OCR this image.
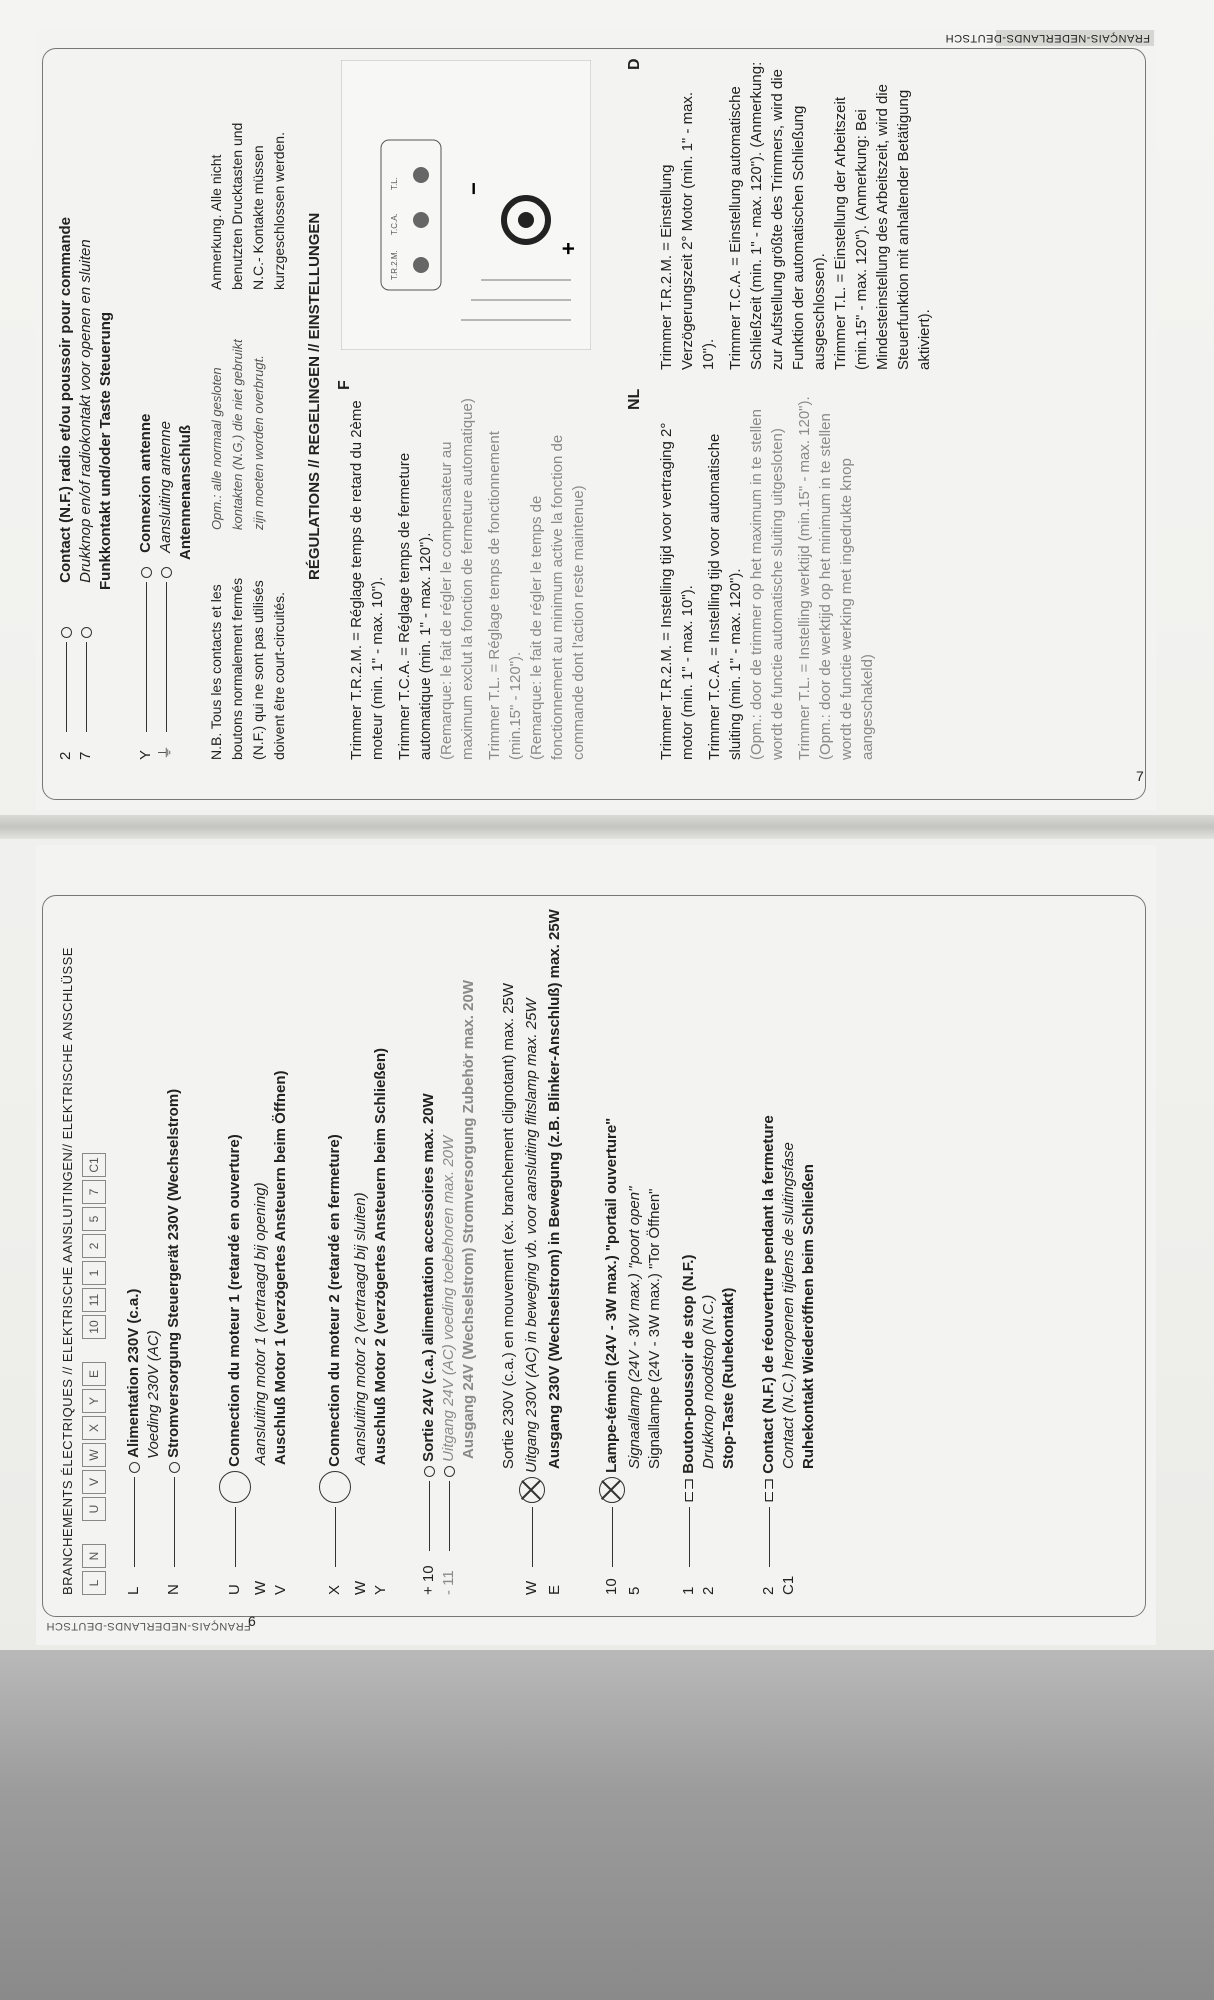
FRANÇAIS-NEDERLANDS-DEUTSCH
7
2 Contact (N.F.) radio et/ou poussoir pour commande
7 Drukknop en/of radiokontakt voor openen en sluiten Funkkontakt und/oder Taste Steuerung
Y Connexion antenne
⏚ Aansluiting antenne Antennenanschluß
N.B. Tous les contacts et les boutons normalement fermés (N.F.) qui ne sont pas utilisés doivent être court-circuités.
Opm.: alle normaal gesloten kontakten (N.G.) die niet gebruikt zijn moeten worden overbrugt.
Anmerkung. Alle nicht benutzten Drucktasten und N.C.- Kontakte müssen kurzgeschlossen werden.
RÉGULATIONS // REGELINGEN // EINSTELLUNGEN F
Trimmer T.R.2.M. = Réglage temps de retard du 2ème moteur (min. 1" - max. 10"). Trimmer T.C.A. = Réglage temps de fermeture automatique (min. 1" - max. 120"). (Remarque: le fait de régler le compensateur au maximum exclut la fonction de fermeture automatique) Trimmer T.L. = Réglage temps de fonctionnement (min.15" - 120"). (Remarque: le fait de régler le temps de fonctionnement au minimum active la fonction de commande dont l'action reste maintenue)
T.R.2.M.
T.C.A.
T.L.
+
−
NL
Trimmer T.R.2.M. = Instelling tijd voor vertraging 2° motor (min. 1" - max. 10"). Trimmer T.C.A. = Instelling tijd voor automatische sluiting (min. 1" - max. 120"). (Opm.: door de trimmer op het maximum in te stellen wordt de functie automatische sluiting uitgesloten) Trimmer T.L. = Instelling werktijd (min.15" - max. 120"). (Opm.: door de werktijd op het minimum in te stellen wordt de functie werking met ingedrukte knop aangeschakeld)
D
Trimmer T.R.2.M. = Einstellung Verzögerungszeit 2° Motor (min. 1" - max. 10"). Trimmer T.C.A. = Einstellung automatische Schließzeit (min. 1" - max. 120"). (Anmerkung: zur Aufstellung größte des Trimmers, wird die Funktion der automatischen Schließung ausgeschlossen). Trimmer T.L. = Einstellung der Arbeitszeit (min.15" - max. 120"). (Anmerkung: Bei Mindesteinstellung des Arbeitszeit, wird die Steuerfunktion mit anhaltender Betätigung aktiviert).
6
FRANÇAIS-NEDERLANDS-DEUTSCH
BRANCHEMENTS ÉLECTRIQUES // ELEKTRISCHE AANSLUITINGEN// ELEKTRISCHE ANSCHLÜSSE	LNUVWXYE10111257C1
L Alimentation 230V (c.a.) Voeding 230V (AC)
N Stromversorgung Steuergerät 230V (Wechselstrom)
U Connection du moteur 1 (retardé en ouverture)
WAansluiting motor 1 (vertraagd bij opening)
VAuschluß Motor 1 (verzögertes Ansteuern beim Öffnen)
X Connection du moteur 2 (retardé en fermeture)
WAansluiting motor 2 (vertraagd bij sluiten)
YAuschluß Motor 2 (verzögertes Ansteuern beim Schließen)
+ 10 Sortie 24V (c.a.) alimentation accessoires max. 20W
- 11 Uitgang 24V (AC) voeding toebehoren max. 20W Ausgang 24V (Wechselstrom) Stromversorgung Zubehör max. 20W Sortie 230V (c.a.) en mouvement (ex. branchement clignotant) max. 25W
W Uitgang 230V (AC) in beweging vb. voor aansluiting flitslamp max. 25W
EAusgang 230V (Wechselstrom) in Bewegung (z.B. Blinker-Anschluß) max. 25W
10 Lampe-témoin (24V - 3W max.) "portail ouverture"
5Signaallamp (24V - 3W max.) "poort open" Signallampe (24V - 3W max.) "Tor Öffnen"
1⊏⊐ Bouton-poussoir de stop (N.F.)
2Drukknop noodstop (N.C.) Stop-Taste (Ruhekontakt)
2⊏⊐ Contact (N.F.) de réouverture pendant la fermeture
C1Contact (N.C.) heropenen tijdens de sluitingsfase Ruhekontakt Wiederöffnen beim Schließen
